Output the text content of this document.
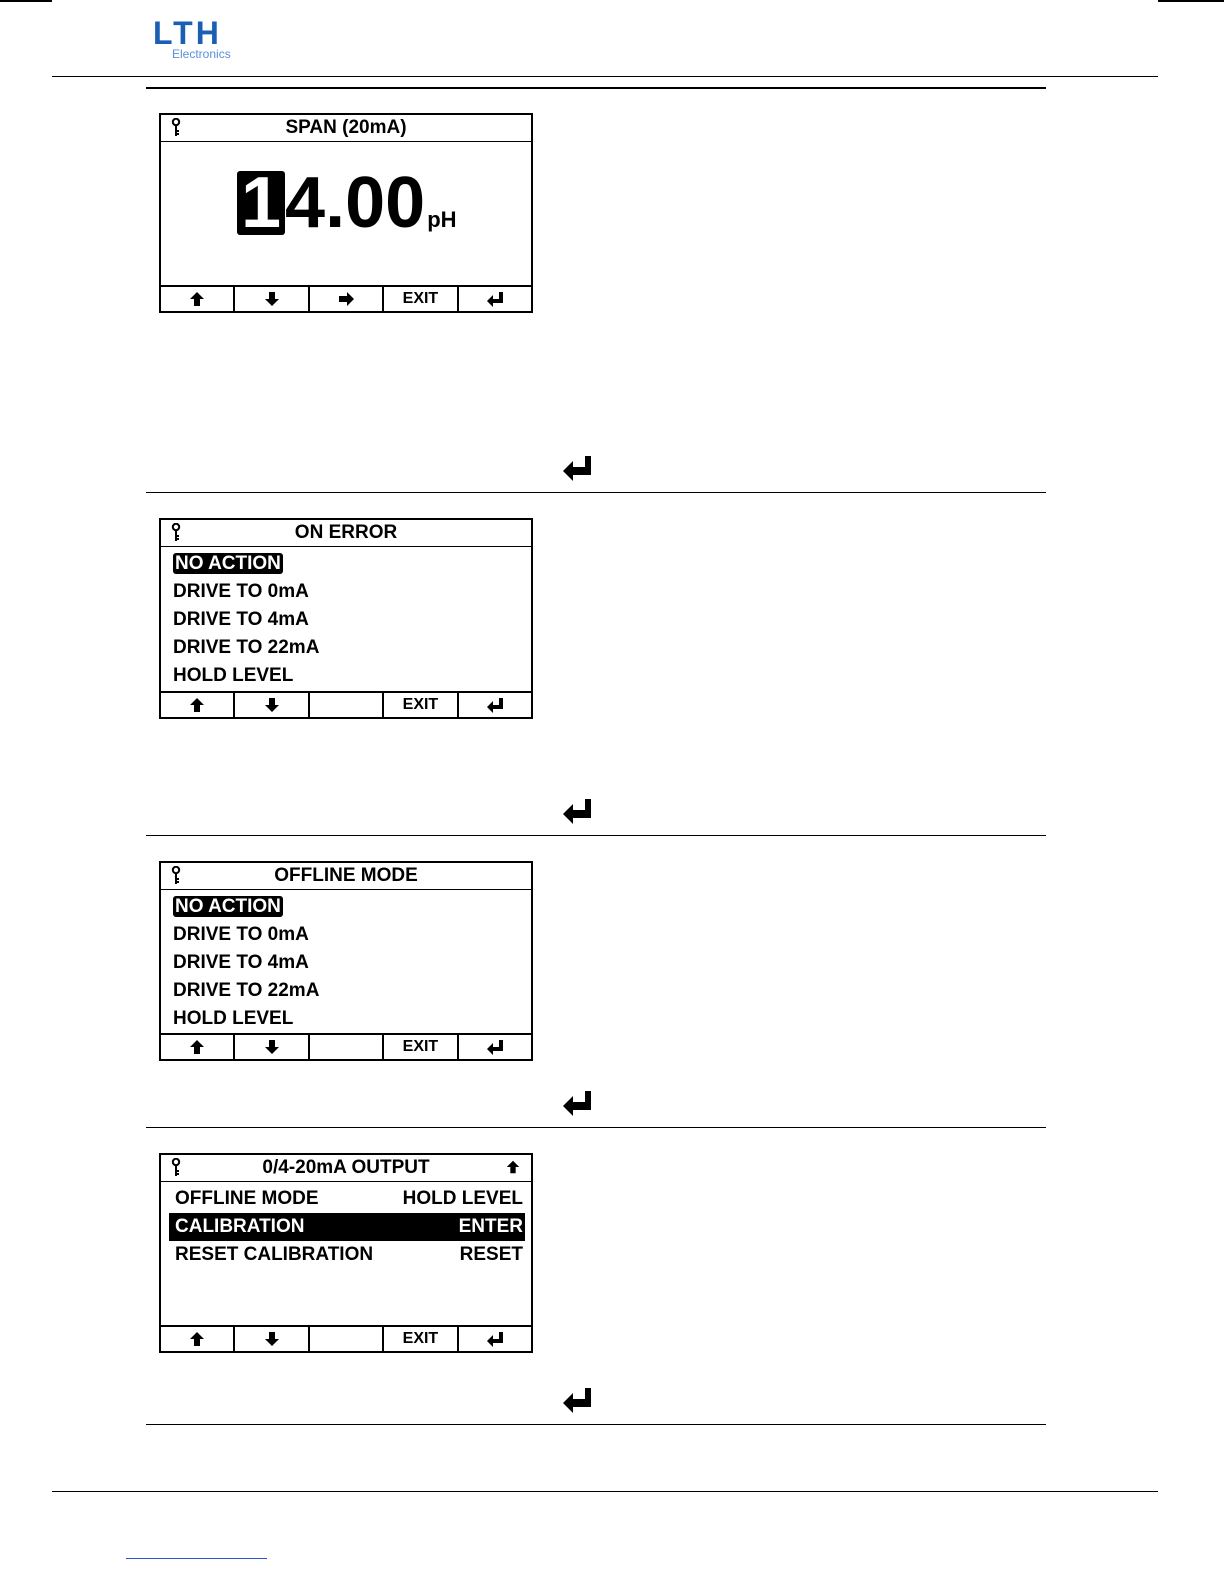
LTH
Electronics
SPAN (20mA)
1 4.00 pH
EXIT
ON ERROR
NO ACTION
DRIVE TO 0mA
DRIVE TO 4mA
DRIVE TO 22mA
HOLD LEVEL
EXIT
OFFLINE MODE
NO ACTION
DRIVE TO 0mA
DRIVE TO 4mA
DRIVE TO 22mA
HOLD LEVEL
EXIT
0/4-20mA OUTPUT
OFFLINE MODE	HOLD LEVEL
CALIBRATION	ENTER
RESET CALIBRATION	RESET
EXIT
